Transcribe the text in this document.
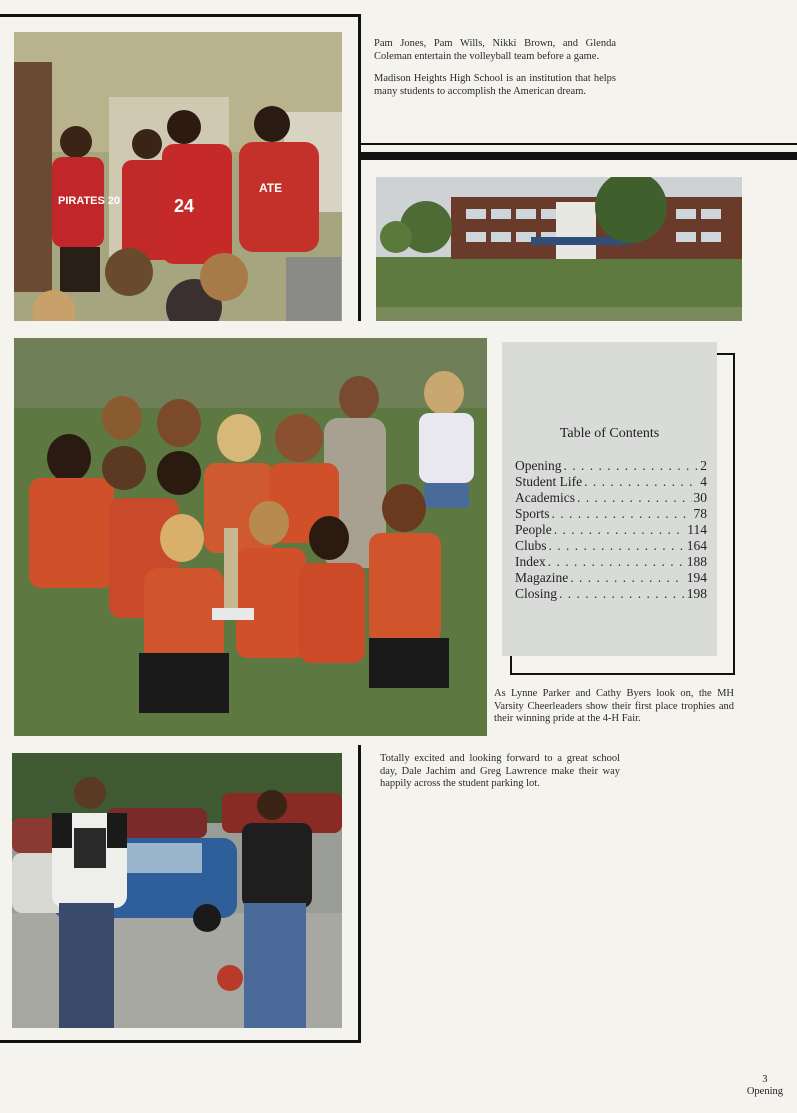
PIRATES 20	24
ATE

Pam Jones, Pam Wills, Nikki Brown, and Glenda Coleman entertain the volleyball team before a game.

Madison Heights High School is an institution that helps many students to accomplish the American dream.

Table of Contents
Opening . . .	2
Student Life . . .	4
Academics . . .	30
Sports . . .	78
People . . .	114
Clubs . . .	164
Index . . .	188
Magazine . . .	194
Closing . . .	198
As Lynne Parker and Cathy Byers look on, the MH Varsity Cheerleaders show their first place trophies and their winning pride at the 4-H Fair.
Totally excited and looking forward to a great school day, Dale Jachim and Greg Lawrence make their way happily across the student parking lot.
3
Opening
